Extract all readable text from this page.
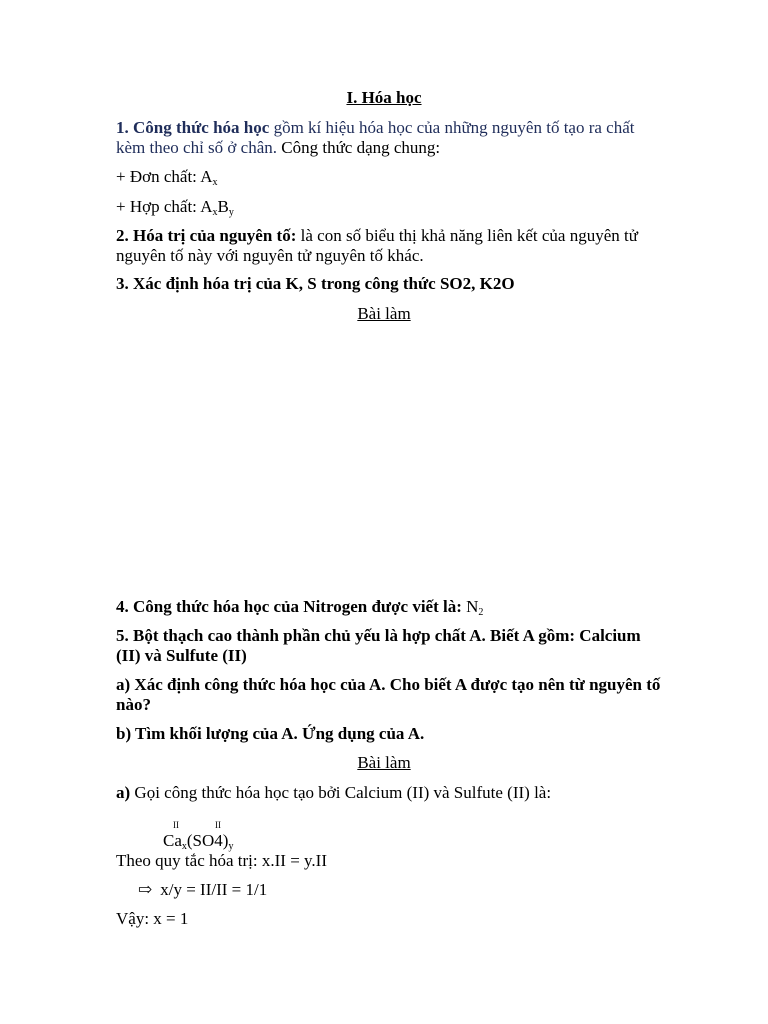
I. Hóa học
1. Công thức hóa học gồm kí hiệu hóa học của những nguyên tố tạo ra chất kèm theo chỉ số ở chân. Công thức dạng chung:
+ Đơn chất: $A_x$
+ Hợp chất: $A_xB_y$
2. Hóa trị của nguyên tố: là con số biểu thị khả năng liên kết của nguyên tử nguyên tố này với nguyên tử nguyên tố khác.
3. Xác định hóa trị của K, S trong công thức SO2, K2O
Bài làm
4. Công thức hóa học của Nitrogen được viết là: $N_2$
5. Bột thạch cao thành phần chủ yếu là hợp chất A. Biết A gồm: Calcium (II) và Sulfute (II)
a) Xác định công thức hóa học của A. Cho biết A được tạo nên từ nguyên tố nào?
b) Tìm khối lượng của A. Ứng dụng của A.
Bài làm
a) Gọi công thức hóa học tạo bởi Calcium (II) và Sulfute (II) là:
II	II
$Ca_x(SO4)_y$
Theo quy tắc hóa trị: x.II = y.II
⇨ x/y = II/II = 1/1
Vậy: x = 1
